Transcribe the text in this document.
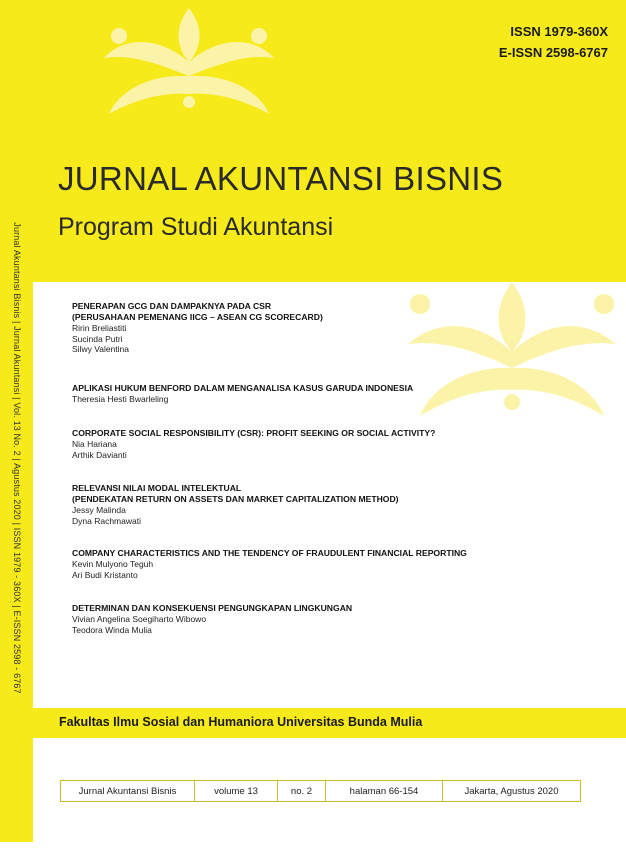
Jurnal Akuntansi Bisnis | Jurnal Akuntansi | Vol. 13 No. 2 | Agustus 2020 | ISSN 1979 - 360X | E-ISSN 2598 - 6767
ISSN 1979-360X
E-ISSN 2598-6767
JURNAL AKUNTANSI BISNIS
Program Studi Akuntansi
PENERAPAN GCG DAN DAMPAKNYA PADA CSR
(PERUSAHAAN PEMENANG IICG – ASEAN CG SCORECARD)
Ririn Breliastiti
Sucinda Putri
Silwy Valentina
APLIKASI HUKUM BENFORD DALAM MENGANALISA KASUS GARUDA INDONESIA
Theresia Hesti Bwarleling
CORPORATE SOCIAL RESPONSIBILITY (CSR): PROFIT SEEKING OR SOCIAL ACTIVITY?
Nia Hariana
Arthik Davianti
RELEVANSI NILAI MODAL INTELEKTUAL
(PENDEKATAN RETURN ON ASSETS DAN MARKET CAPITALIZATION METHOD)
Jessy Malinda
Dyna Rachmawati
COMPANY CHARACTERISTICS AND THE TENDENCY OF FRAUDULENT FINANCIAL REPORTING
Kevin Mulyono Teguh
Ari Budi Kristanto
DETERMINAN DAN KONSEKUENSI PENGUNGKAPAN LINGKUNGAN
Vivian Angelina Soegiharto Wibowo
Teodora Winda Mulia
Fakultas Ilmu Sosial dan Humaniora Universitas Bunda Mulia
Jurnal Akuntansi Bisnis	volume 13	no. 2	halaman 66-154	Jakarta, Agustus 2020
